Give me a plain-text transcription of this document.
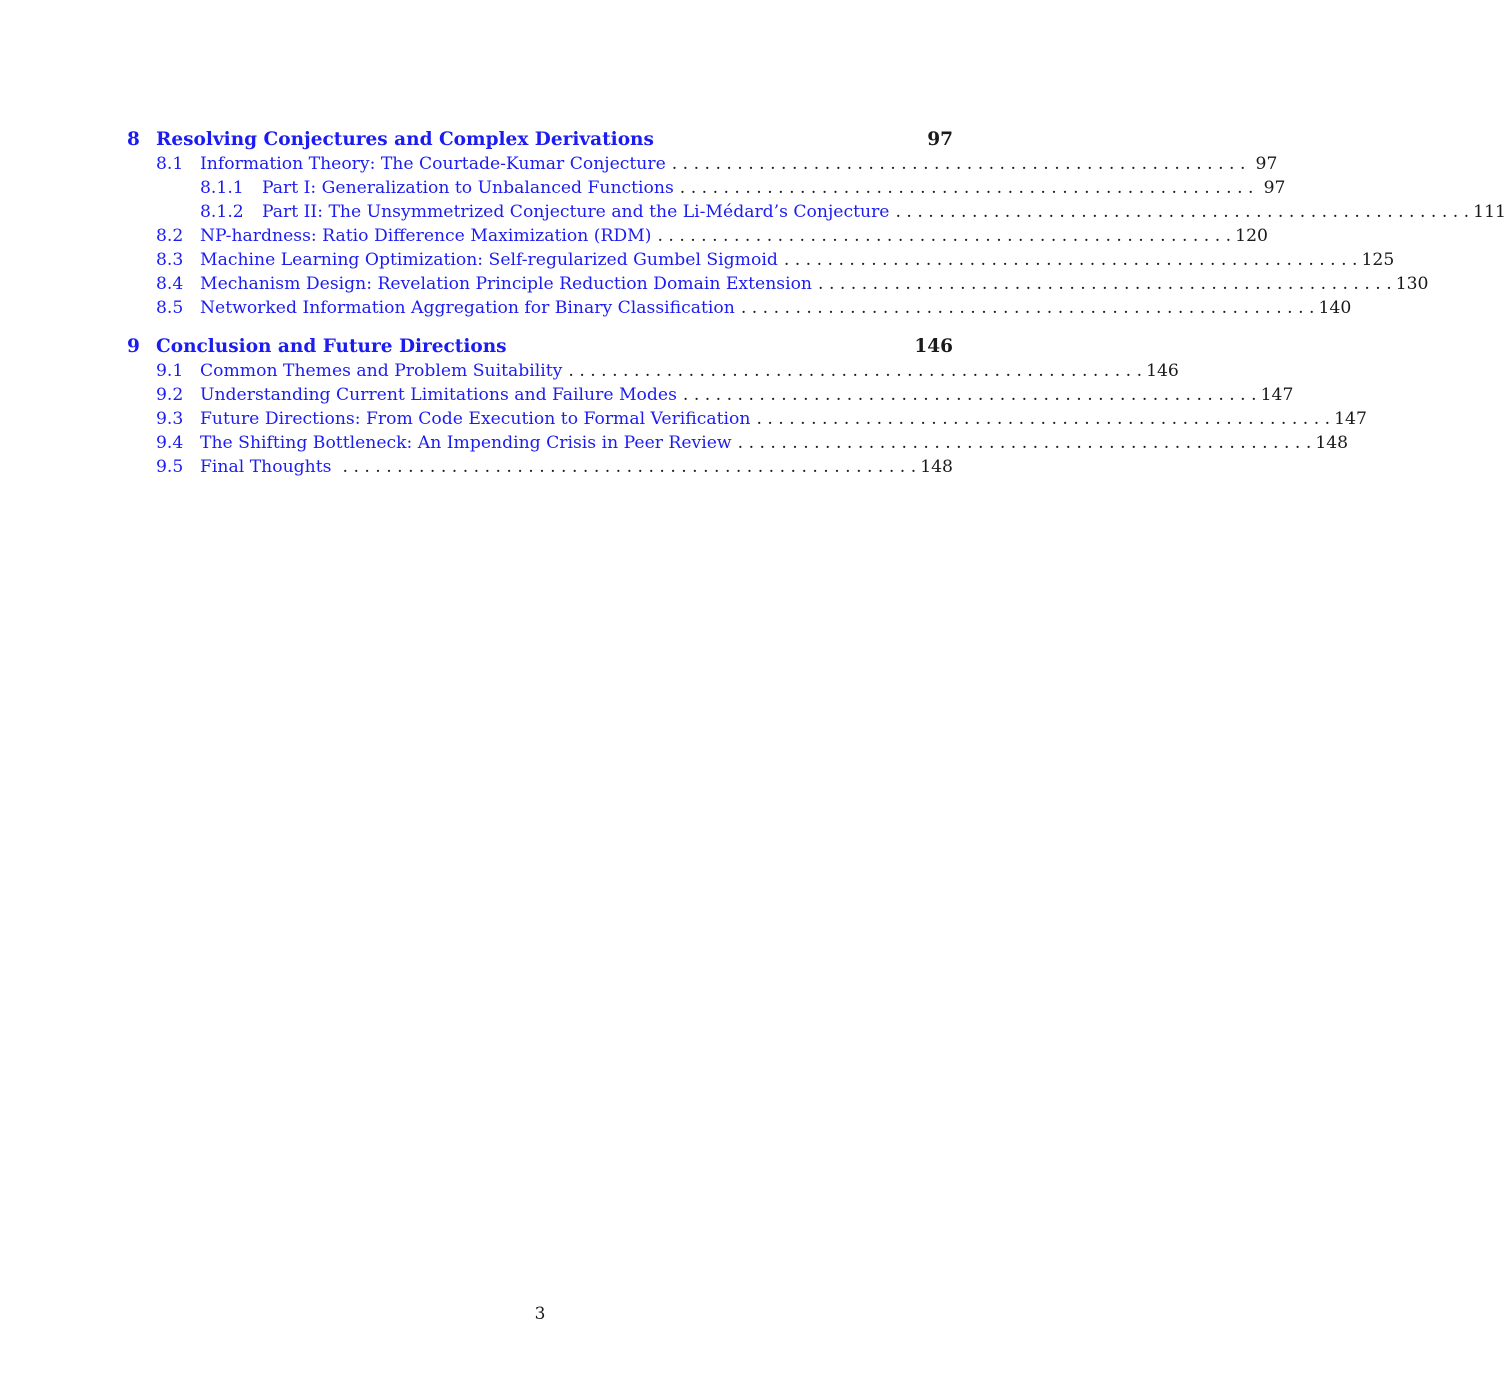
8 Resolving Conjectures and Complex Derivations	97
8.1 Information Theory: The Courtade-Kumar Conjecture . . . . . . . . . . . . . . . . . . . . . . . . . . . . . . . . . . . . . . . . . . . . . . . . . . . . . 97
8.1.1	Part I: Generalization to Unbalanced Functions . . . . . . . . . . . . . . . . . . . . . . . . . . . . . . . . . . . . . . . . . . . . . . . . . . . . . 97
8.1.2	Part II: The Unsymmetrized Conjecture and the Li-Médard’s Conjecture . . . . . . . . . . . . . . . . . . . . . . . . . . . . . . . . . . . . . . . . . . . . . . . . . . . . . 111
8.2 NP-hardness: Ratio Difference Maximization (RDM) . . . . . . . . . . . . . . . . . . . . . . . . . . . . . . . . . . . . . . . . . . . . . . . . . . . . . 120
8.3 Machine Learning Optimization: Self-regularized Gumbel Sigmoid . . . . . . . . . . . . . . . . . . . . . . . . . . . . . . . . . . . . . . . . . . . . . . . . . . . . . 125
8.4 Mechanism Design: Revelation Principle Reduction Domain Extension . . . . . . . . . . . . . . . . . . . . . . . . . . . . . . . . . . . . . . . . . . . . . . . . . . . . . 130
8.5 Networked Information Aggregation for Binary Classification . . . . . . . . . . . . . . . . . . . . . . . . . . . . . . . . . . . . . . . . . . . . . . . . . . . . . 140
9 Conclusion and Future Directions	146
9.1 Common Themes and Problem Suitability . . . . . . . . . . . . . . . . . . . . . . . . . . . . . . . . . . . . . . . . . . . . . . . . . . . . . 146
9.2 Understanding Current Limitations and Failure Modes . . . . . . . . . . . . . . . . . . . . . . . . . . . . . . . . . . . . . . . . . . . . . . . . . . . . . 147
9.3 Future Directions: From Code Execution to Formal Verification . . . . . . . . . . . . . . . . . . . . . . . . . . . . . . . . . . . . . . . . . . . . . . . . . . . . . 147
9.4 The Shifting Bottleneck: An Impending Crisis in Peer Review . . . . . . . . . . . . . . . . . . . . . . . . . . . . . . . . . . . . . . . . . . . . . . . . . . . . . 148
9.5 Final Thoughts . . . . . . . . . . . . . . . . . . . . . . . . . . . . . . . . . . . . . . . . . . . . . . . . . . . . . 148
3
